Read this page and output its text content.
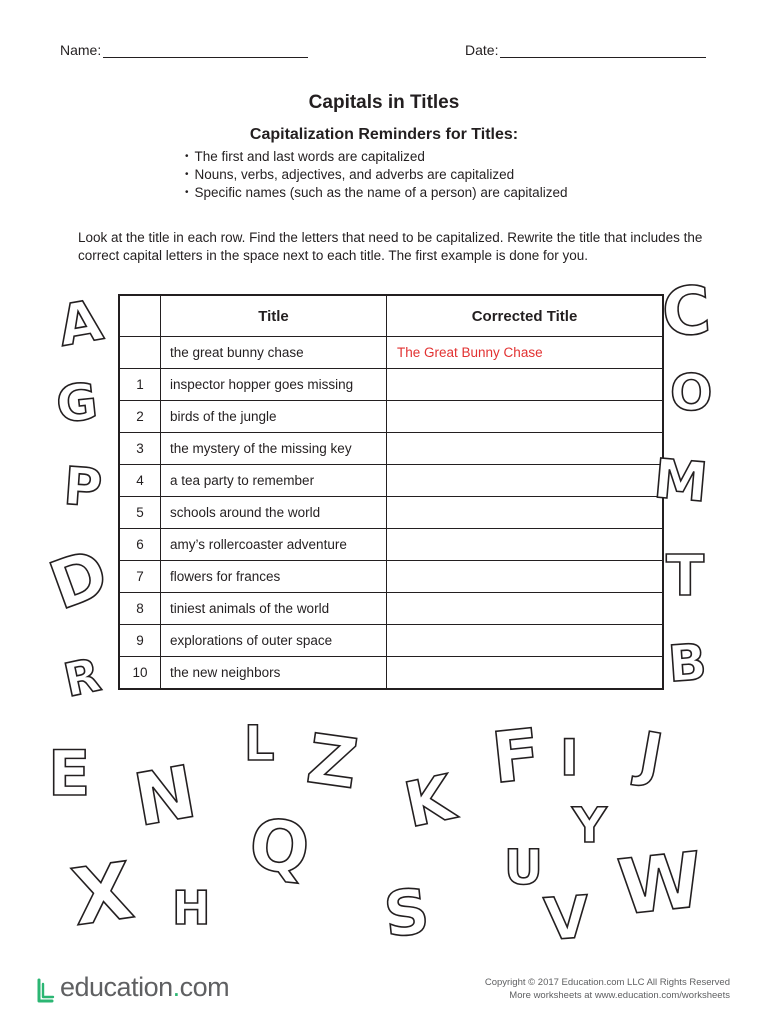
Name:	Date:
Capitals in Titles
Capitalization Reminders for Titles:
• The first and last words are capitalized
• Nouns, verbs, adjectives, and adverbs are capitalized
• Specific names (such as the name of a person) are capitalized

Look at the title in each row. Find the letters that need to be capitalized. Rewrite the title that includes the correct capital letters in the space next to each title. The first example is done for you.

	Title	Corrected Title
	the great bunny chase	The Great Bunny Chase
1	inspector hopper goes missing	
2	birds of the jungle	
3	the mystery of the missing key	
4	a tea party to remember	
5	schools around the world	
6	amy’s rollercoaster adventure	
7	flowers for frances	
8	tiniest animals of the world	
9	explorations of outer space	
10	the new neighbors	
A
G
P
D
R
C
O
M
T
B
E N
L Z K
F I J
Y
X H
Q
S
U
V W
education.com	Copyright © 2017 Education.com LLC All Rights Reserved
More worksheets at www.education.com/worksheets
